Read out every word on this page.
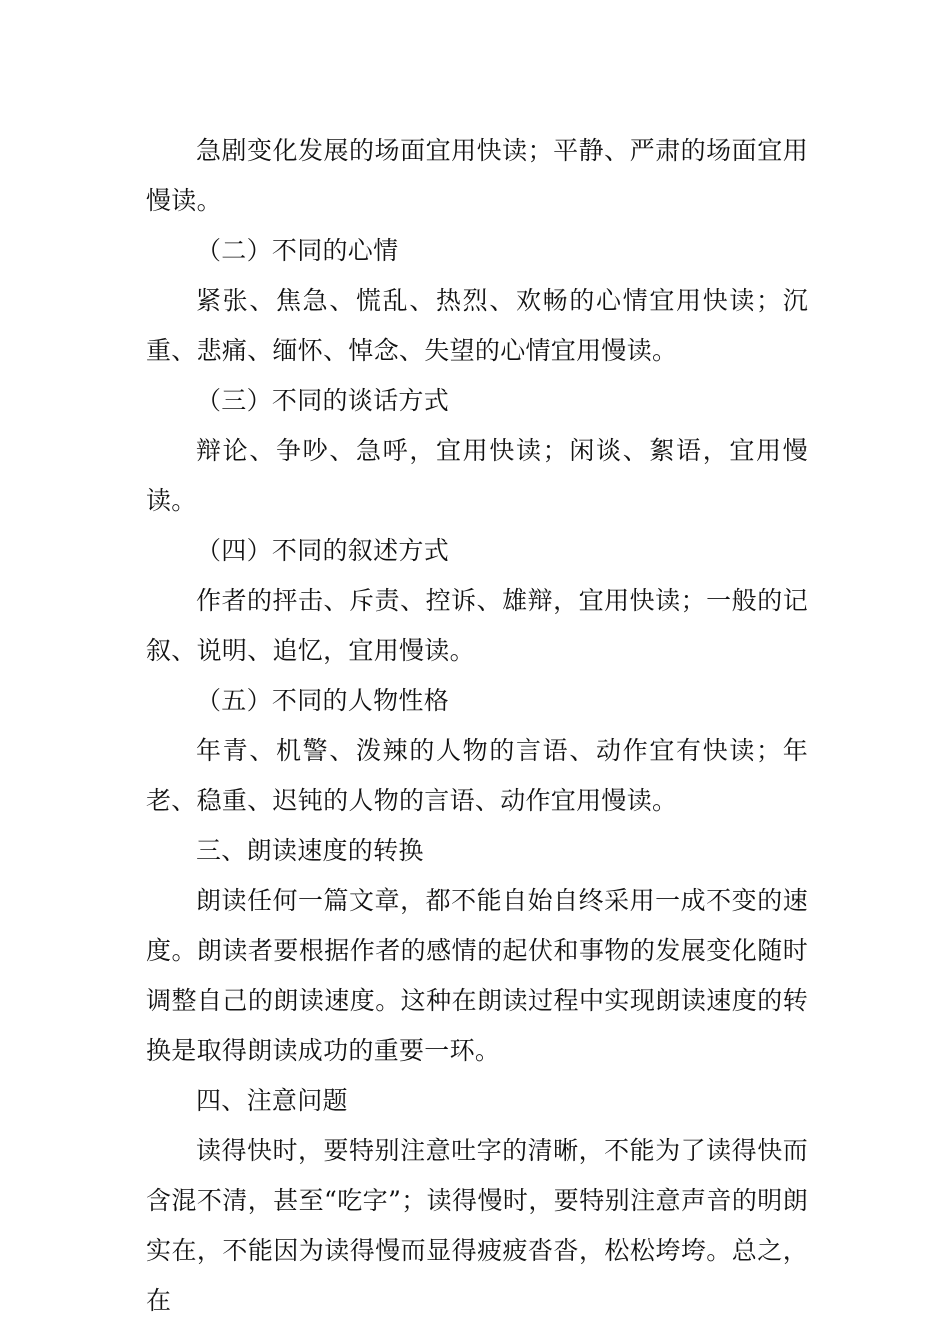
急剧变化发展的场面宜用快读；平静、严肃的场面宜用慢读。

（二）不同的心情

紧张、焦急、慌乱、热烈、欢畅的心情宜用快读；沉重、悲痛、缅怀、悼念、失望的心情宜用慢读。

（三）不同的谈话方式

辩论、争吵、急呼，宜用快读；闲谈、絮语，宜用慢读。

（四）不同的叙述方式

作者的抨击、斥责、控诉、雄辩，宜用快读；一般的记叙、说明、追忆，宜用慢读。

（五）不同的人物性格

年青、机警、泼辣的人物的言语、动作宜有快读；年老、稳重、迟钝的人物的言语、动作宜用慢读。

三、朗读速度的转换

朗读任何一篇文章，都不能自始自终采用一成不变的速度。朗读者要根据作者的感情的起伏和事物的发展变化随时调整自己的朗读速度。这种在朗读过程中实现朗读速度的转换是取得朗读成功的重要一环。

四、注意问题

读得快时，要特别注意吐字的清晰，不能为了读得快而含混不清，甚至“吃字”；读得慢时，要特别注意声音的明朗实在，不能因为读得慢而显得疲疲沓沓，松松垮垮。总之，在
